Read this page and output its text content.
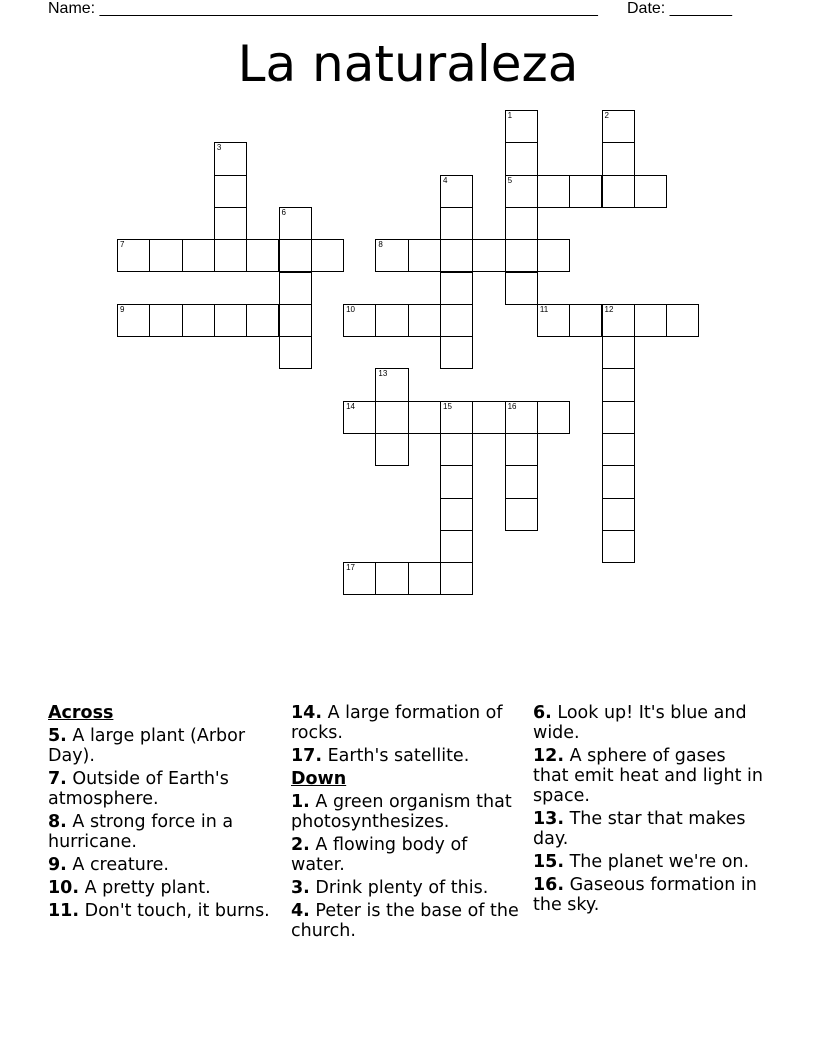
Name: ________________________________________________________ Date: _______
La naturaleza
1
5
2
3
4
6
7	8
9	10	11	12
13
14	15	16
17
Across
5. A large plant (Arbor Day).
7. Outside of Earth's atmosphere.
8. A strong force in a hurricane.
9. A creature.
10. A pretty plant.
11. Don't touch, it burns.
14. A large formation of rocks.
17. Earth's satellite.
Down
1. A green organism that photosynthesizes.
2. A flowing body of water.
3. Drink plenty of this.
4. Peter is the base of the church.
6. Look up! It's blue and wide.
12. A sphere of gases that emit heat and light in space.
13. The star that makes day.
15. The planet we're on.
16. Gaseous formation in the sky.
